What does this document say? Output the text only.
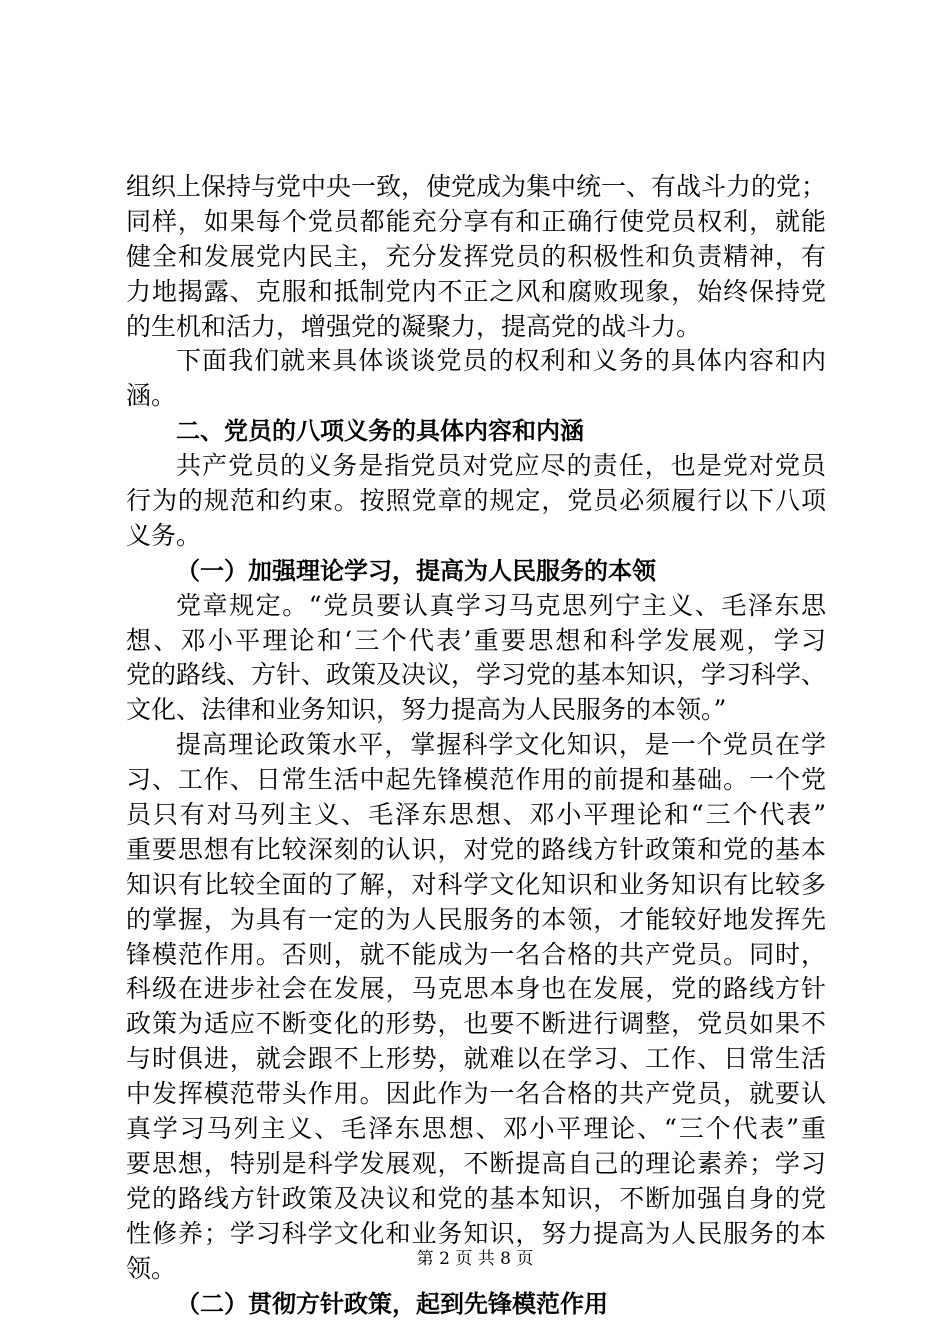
组织上保持与党中央一致，使党成为集中统一、有战斗力的党；
同样，如果每个党员都能充分享有和正确行使党员权利，就能
健全和发展党内民主，充分发挥党员的积极性和负责精神，有
力地揭露、克服和抵制党内不正之风和腐败现象，始终保持党
的生机和活力，增强党的凝聚力，提高党的战斗力。
下面我们就来具体谈谈党员的权利和义务的具体内容和内
涵。
二、党员的八项义务的具体内容和内涵
共产党员的义务是指党员对党应尽的责任，也是党对党员
行为的规范和约束。按照党章的规定，党员必须履行以下八项
义务。
（一）加强理论学习，提高为人民服务的本领
党章规定。“党员要认真学习马克思列宁主义、毛泽东思
想、邓小平理论和‘三个代表’重要思想和科学发展观，学习
党的路线、方针、政策及决议，学习党的基本知识，学习科学、
文化、法律和业务知识，努力提高为人民服务的本领。”
提高理论政策水平，掌握科学文化知识，是一个党员在学
习、工作、日常生活中起先锋模范作用的前提和基础。一个党
员只有对马列主义、毛泽东思想、邓小平理论和“三个代表”
重要思想有比较深刻的认识，对党的路线方针政策和党的基本
知识有比较全面的了解，对科学文化知识和业务知识有比较多
的掌握，为具有一定的为人民服务的本领，才能较好地发挥先
锋模范作用。否则，就不能成为一名合格的共产党员。同时，
科级在进步社会在发展，马克思本身也在发展，党的路线方针
政策为适应不断变化的形势，也要不断进行调整，党员如果不
与时俱进，就会跟不上形势，就难以在学习、工作、日常生活
中发挥模范带头作用。因此作为一名合格的共产党员，就要认
真学习马列主义、毛泽东思想、邓小平理论、“三个代表”重
要思想，特别是科学发展观，不断提高自己的理论素养；学习
党的路线方针政策及决议和党的基本知识，不断加强自身的党
性修养；学习科学文化和业务知识，努力提高为人民服务的本
领。
（二）贯彻方针政策，起到先锋模范作用
第 2 页 共 8 页
